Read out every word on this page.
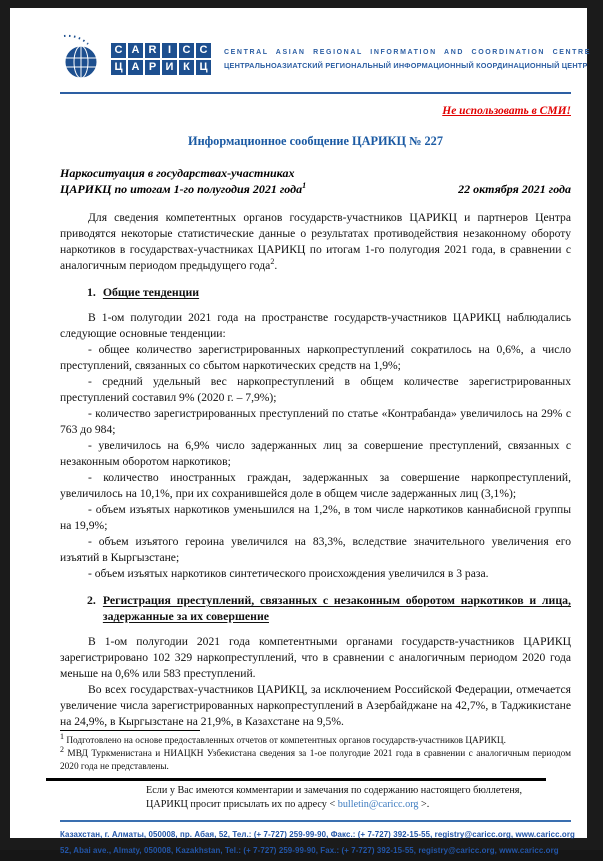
C A R	I	C C
Ц А Р И К Ц
CENTRAL ASIAN REGIONAL INFORMATION AND COORDINATION CENTRE
ЦЕНТРАЛЬНОАЗИАТСКИЙ РЕГИОНАЛЬНЫЙ ИНФОРМАЦИОННЫЙ КООРДИНАЦИОННЫЙ ЦЕНТР
Не использовать в СМИ!
Информационное сообщение ЦАРИКЦ № 227
Наркоситуация в государствах-участниках
ЦАРИКЦ по итогам 1-го полугодия 2021 года$^1$	22 октября 2021 года

Для сведения компетентных органов государств-участников ЦАРИКЦ и партнеров Центра приводятся некоторые статистические данные о результатах противодействия незаконному обороту наркотиков в государствах-участниках ЦАРИКЦ по итогам 1-го полугодия 2021 года, в сравнении с аналогичным периодом предыдущего года$^2$.

1. Общие тенденции

В 1-ом полугодии 2021 года на пространстве государств-участников ЦАРИКЦ наблюдались следующие основные тенденции:

- общее количество зарегистрированных наркопреступлений сократилось на 0,6%, а число преступлений, связанных со сбытом наркотических средств на 1,9%;

- средний удельный вес наркопреступлений в общем количестве зарегистрированных преступлений составил 9% (2020 г. – 7,9%);

- количество зарегистрированных преступлений по статье «Контрабанда» увеличилось на 29% с 763 до 984;

- увеличилось на 6,9% число задержанных лиц за совершение преступлений, связанных с незаконным оборотом наркотиков;

- количество иностранных граждан, задержанных за совершение наркопреступлений, увеличилось на 10,1%, при их сохранившейся доле в общем числе задержанных лиц (3,1%);

- объем изъятых наркотиков уменьшился на 1,2%, в том числе наркотиков каннабисной группы на 19,9%;

- объем изъятого героина увеличился на 83,3%, вследствие значительного увеличения его изъятий в Кыргызстане;

- объем изъятых наркотиков синтетического происхождения увеличился в 3 раза.

2. Регистрация преступлений, связанных с незаконным оборотом наркотиков и лица, задержанные за их совершение

В 1-ом полугодии 2021 года компетентными органами государств-участников ЦАРИКЦ зарегистрировано 102 329 наркопреступлений, что в сравнении с аналогичным периодом 2020 года меньше на 0,6% или 583 преступлений.

Во всех государствах-участников ЦАРИКЦ, за исключением Российской Федерации, отмечается увеличение числа зарегистрированных наркопреступлений в Азербайджане на 42,7%, в Таджикистане на 24,9%, в Кыргызстане на 21,9%, в Казахстане на 9,5%.

$^1$ Подготовлено на основе предоставленных отчетов от компетентных органов государств-участников ЦАРИКЦ.

$^2$ МВД Туркменистана и НИАЦКН Узбекистана сведения за 1-ое полугодие 2021 года в сравнении с аналогичным периодом 2020 года не представлены.

Если у Вас имеются комментарии и замечания по содержанию настоящего бюллетеня, ЦАРИКЦ просит присылать их по адресу < bulletin@caricc.org >.
Казахстан, г. Алматы, 050008, пр. Абая, 52, Тел.: (+ 7-727) 259-99-90, Факс.: (+ 7-727) 392-15-55, registry@caricc.org, www.caricc.org
52, Abai ave., Almaty, 050008, Kazakhstan, Tel.: (+ 7-727) 259-99-90, Fax.: (+ 7-727) 392-15-55, registry@caricc.org, www.caricc.org
